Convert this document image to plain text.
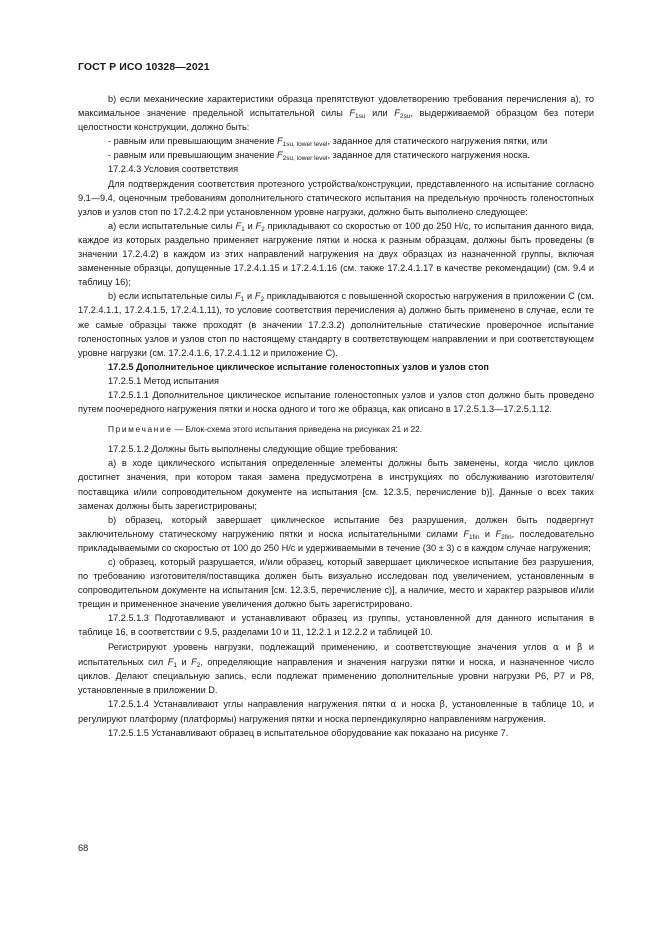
ГОСТ Р ИСО 10328—2021

b) если механические характеристики образца препятствуют удовлетворению требования перечисления а), то максимальное значение предельной испытательной силы $F_{1su}$ или $F_{2su}$, выдерживаемой образцом без потери целостности конструкции, должно быть:

- равным или превышающим значение $F_{1su, lower level}$, заданное для статического нагружения пятки, или

- равным или превышающим значение $F_{2su, lower level}$, заданное для статического нагружения носка.

17.2.4.3 Условия соответствия

Для подтверждения соответствия протезного устройства/конструкции, представленного на испытание согласно 9.1—9.4, оценочным требованиям дополнительного статического испытания на предельную прочность голеностопных узлов и узлов стоп по 17.2.4.2 при установленном уровне нагрузки, должно быть выполнено следующее:

а) если испытательные силы $F_1$ и $F_2$ прикладывают со скоростью от 100 до 250 Н/с, то испытания данного вида, каждое из которых раздельно применяет нагружение пятки и носка к разным образцам, должны быть проведены (в значении 17.2.4.2) в каждом из этих направлений нагружения на двух образцах из назначенной группы, включая замененные образцы, допущенные 17.2.4.1.15 и 17.2.4.1.16 (см. также 17.2.4.1.17 в качестве рекомендации) (см. 9.4 и таблицу 16);

b) если испытательные силы $F_1$ и $F_2$ прикладываются с повышенной скоростью нагружения в приложении С (см. 17.2.4.1.1, 17.2.4.1.5, 17.2.4.1.11), то условие соответствия перечисления а) должно быть применено в случае, если те же самые образцы также проходят (в значении 17.2.3.2) дополнительные статические проверочное испытание голеностопных узлов и узлов стоп по настоящему стандарту в соответствующем направлении и при соответствующем уровне нагрузки (см. 17.2.4.1.6, 17.2.4.1.12 и приложение С).

17.2.5 Дополнительное циклическое испытание голеностопных узлов и узлов стоп

17.2.5.1 Метод испытания

17.2.5.1.1 Дополнительное циклическое испытание голеностопных узлов и узлов стоп должно быть проведено путем поочередного нагружения пятки и носка одного и того же образца, как описано в 17.2.5.1.3—17.2.5.1.12.

Примечание — Блок-схема этого испытания приведена на рисунках 21 и 22.

17.2.5.1.2 Должны быть выполнены следующие общие требования:

а) в ходе циклического испытания определенные элементы должны быть заменены, когда число циклов достигнет значения, при котором такая замена предусмотрена в инструкциях по обслуживанию изготовителя/поставщика и/или сопроводительном документе на испытания [см. 12.3.5, перечисление b)]. Данные о всех таких заменах должны быть зарегистрированы;

b) образец, который завершает циклическое испытание без разрушения, должен быть подвергнут заключительному статическому нагружению пятки и носка испытательными силами $F_{1fin}$ и $F_{2fin}$, последовательно прикладываемыми со скоростью от 100 до 250 Н/с и удерживаемыми в течение (30 ± 3) с в каждом случае нагружения;

с) образец, который разрушается, и/или образец, который завершает циклическое испытание без разрушения, по требованию изготовителя/поставщика должен быть визуально исследован под увеличением, установленным в сопроводительном документе на испытания [см. 12.3.5, перечисление с)], а наличие, место и характер разрывов и/или трещин и примененное значение увеличения должно быть зарегистрировано.

17.2.5.1.3 Подготавливают и устанавливают образец из группы, установленной для данного испытания в таблице 16, в соответствии с 9.5, разделами 10 и 11, 12.2.1 и 12.2.2 и таблицей 10.

Регистрируют уровень нагрузки, подлежащий применению, и соответствующие значения углов α и β и испытательных сил $F_1$ и $F_2$, определяющие направления и значения нагрузки пятки и носка, и назначенное число циклов. Делают специальную запись, если подлежат применению дополнительные уровни нагрузки Р6, Р7 и Р8, установленные в приложении D.

17.2.5.1.4 Устанавливают углы направления нагружения пятки α и носка β, установленные в таблице 10, и регулируют платформу (платформы) нагружения пятки и носка перпендикулярно направлениям нагружения.

17.2.5.1.5 Устанавливают образец в испытательное оборудование как показано на рисунке 7.

68
